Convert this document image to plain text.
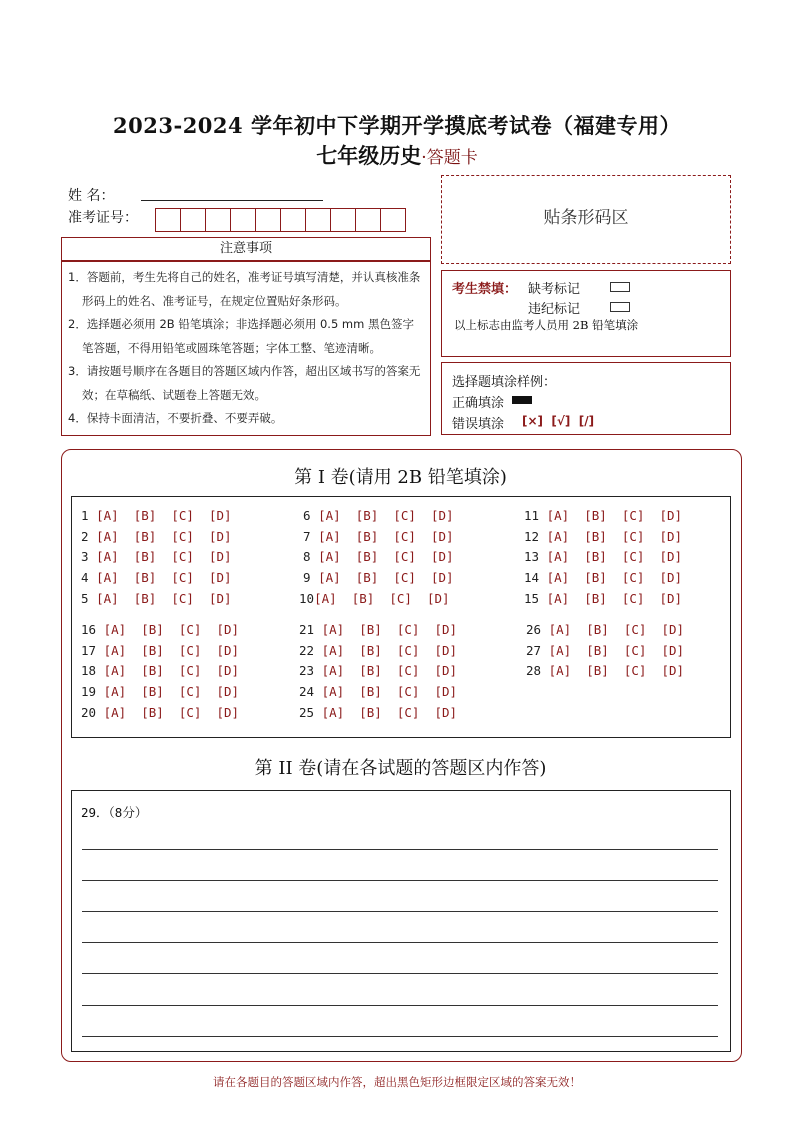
2023-2024 学年初中下学期开学摸底考试卷（福建专用）
七年级历史·答题卡
姓 名：
准考证号：
注意事项
1．答题前，考生先将自己的姓名，准考证号填写清楚，并认真核准条形码上的姓名、准考证号，在规定位置贴好条形码。
2．选择题必须用 2B 铅笔填涂；非选择题必须用 0.5 mm 黑色签字笔答题，不得用铅笔或圆珠笔答题；字体工整、笔迹清晰。
3．请按题号顺序在各题目的答题区域内作答，超出区域书写的答案无效；在草稿纸、试题卷上答题无效。
4．保持卡面清洁，不要折叠、不要弄破。
贴条形码区
考生禁填： 缺考标记
违纪标记
以上标志由监考人员用 2B 铅笔填涂
选择题填涂样例：
正确填涂
错误填涂 [×]  [√]  [/]
第 I 卷(请用 2B 铅笔填涂)
1 [A]  [B]  [C]  [D]
2 [A]  [B]  [C]  [D]
3 [A]  [B]  [C]  [D]
4 [A]  [B]  [C]  [D]
5 [A]  [B]  [C]  [D]
6 [A]  [B]  [C]  [D]
7 [A]  [B]  [C]  [D]
8 [A]  [B]  [C]  [D]
9 [A]  [B]  [C]  [D]
10[A]  [B]  [C]  [D]
11 [A]  [B]  [C]  [D]
12 [A]  [B]  [C]  [D]
13 [A]  [B]  [C]  [D]
14 [A]  [B]  [C]  [D]
15 [A]  [B]  [C]  [D]
16 [A]  [B]  [C]  [D]
17 [A]  [B]  [C]  [D]
18 [A]  [B]  [C]  [D]
19 [A]  [B]  [C]  [D]
20 [A]  [B]  [C]  [D]
21 [A]  [B]  [C]  [D]
22 [A]  [B]  [C]  [D]
23 [A]  [B]  [C]  [D]
24 [A]  [B]  [C]  [D]
25 [A]  [B]  [C]  [D]
26 [A]  [B]  [C]  [D]
27 [A]  [B]  [C]  [D]
28 [A]  [B]  [C]  [D]
第 II 卷(请在各试题的答题区内作答)
29．（8分）
请在各题目的答题区域内作答，超出黑色矩形边框限定区域的答案无效！
